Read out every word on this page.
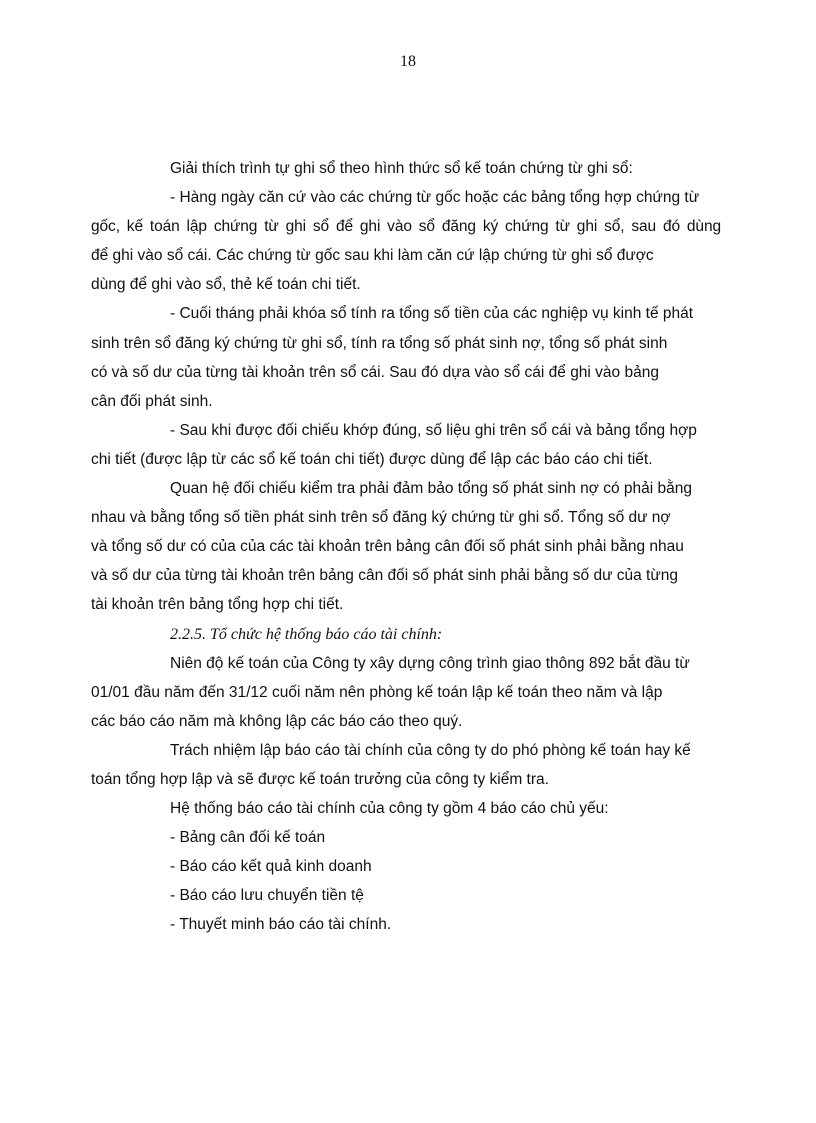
18

Giải thích trình tự ghi sổ theo hình thức sổ kế toán chứng từ ghi sổ:

- Hàng ngày căn cứ vào các chứng từ gốc hoặc các bảng tổng hợp chứng từ
gốc, kế toán lập chứng từ ghi sổ để ghi vào sổ đăng ký chứng từ ghi sổ, sau đó dùng
để ghi vào sổ cái. Các chứng từ gốc sau khi làm căn cứ lập chứng từ ghi sổ được
dùng để ghi vào sổ, thẻ kế toán chi tiết.

- Cuối tháng phải khóa sổ tính ra tổng số tiền của các nghiệp vụ kinh tế phát
sinh trên sổ đăng ký chứng từ ghi sổ, tính ra tổng số phát sinh nợ, tổng số phát sinh
có và số dư của từng tài khoản trên sổ cái. Sau đó dựa vào sổ cái để ghi vào bảng
cân đối phát sinh.

- Sau khi được đối chiếu khớp đúng, số liệu ghi trên sổ cái và bảng tổng hợp
chi tiết (được lập từ các sổ kế toán chi tiết) được dùng để lập các báo cáo chi tiết.

Quan hệ đối chiếu kiểm tra phải đảm bảo tổng số phát sinh nợ có phải bằng
nhau và bằng tổng số tiền phát sinh trên sổ đăng ký chứng từ ghi sổ. Tổng số dư nợ
và tổng số dư có của của các tài khoản trên bảng cân đối số phát sinh phải bằng nhau
và số dư của từng tài khoản trên bảng cân đối số phát sinh phải bằng số dư của từng
tài khoản trên bảng tổng hợp chi tiết.

2.2.5. Tổ chức hệ thống báo cáo tài chính:

Niên độ kế toán của Công ty xây dựng công trình giao thông 892 bắt đầu từ
01/01 đầu năm đến 31/12 cuối năm nên phòng kế toán lập kế toán theo năm và lập
các báo cáo năm mà không lập các báo cáo theo quý.

Trách nhiệm lập báo cáo tài chính của công ty do phó phòng kế toán hay kế
toán tổng hợp lập và sẽ được kế toán trưởng của công ty kiểm tra.

Hệ thống báo cáo tài chính của công ty gồm 4 báo cáo chủ yếu:

- Bảng cân đối kế toán
- Báo cáo kết quả kinh doanh
- Báo cáo lưu chuyển tiền tệ
- Thuyết minh báo cáo tài chính.
